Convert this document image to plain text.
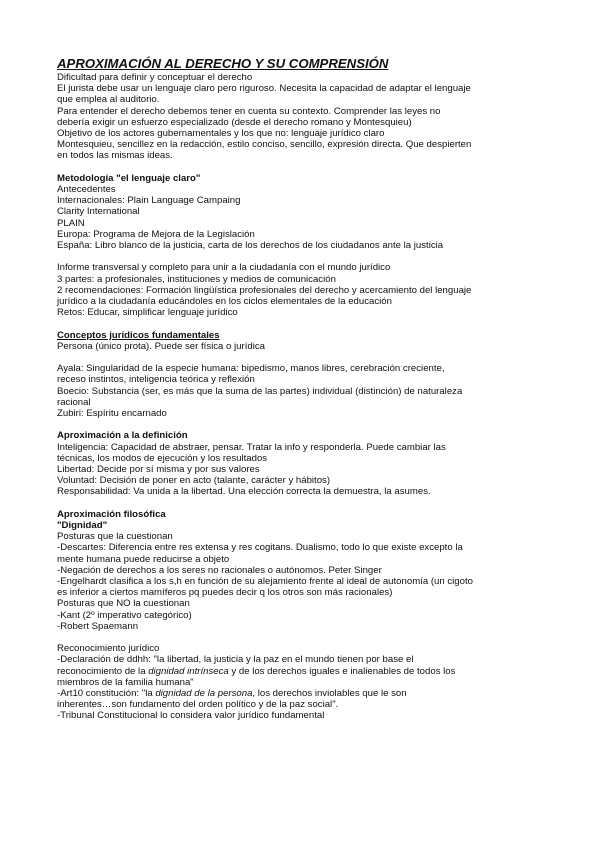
APROXIMACIÓN AL DERECHO Y SU COMPRENSIÓN

Dificultad para definir y conceptuar el derecho

El jurista debe usar un lenguaje claro pero riguroso. Necesita la capacidad de adaptar el lenguaje

que emplea al auditorio.

Para entender el derecho debemos tener en cuenta su contexto. Comprender las leyes no

debería exigir un esfuerzo especializado (desde el derecho romano y Montesquieu)

Objetivo de los actores gubernamentales y los que no: lenguaje jurídico claro

Montesquieu, sencillez en la redacción, estilo conciso, sencillo, expresión directa. Que despierten

en todos las mismas ideas.

Metodología "el lenguaje claro"

Antecedentes

Internacionales: Plain Language Campaing

Clarity International

PLAIN

Europa: Programa de Mejora de la Legislación

España: Libro blanco de la justicia, carta de los derechos de los ciudadanos ante la justicia

Informe transversal y completo para unir a la ciudadanía con el mundo jurídico

3 partes: a profesionales, instituciones y medios de comunicación

2 recomendaciones: Formación lingüística profesionales del derecho y acercamiento del lenguaje

jurídico a la ciudadanía educándoles en los ciclos elementales de la educación

Retos: Educar, simplificar lenguaje jurídico

Conceptos jurídicos fundamentales

Persona (único prota). Puede ser física o jurídica

Ayala: Singularidad de la especie humana: bipedismo, manos libres, cerebración creciente,

receso instintos, inteligencia teórica y reflexión

Boecio: Substancia (ser, es más que la suma de las partes) individual (distinción) de naturaleza

racional

Zubiri: Espíritu encarnado

Aproximación a la definición

Inteligencia: Capacidad de abstraer, pensar. Tratar la info y responderla. Puede cambiar las

técnicas, los modos de ejecución y los resultados

Libertad: Decide por sí misma y por sus valores

Voluntad: Decisión de poner en acto (talante, carácter y hábitos)

Responsabilidad: Va unida a la libertad. Una elección correcta la demuestra, la asumes.

Aproximación filosófica

"Dignidad"

Posturas que la cuestionan

-Descartes: Diferencia entre res extensa y res cogitans. Dualismo, todo lo que existe excepto la

mente humana puede reducirse a objeto

-Negación de derechos a los seres no racionales o autónomos. Peter Singer

-Engelhardt clasifica a los s,h en función de su alejamiento frente al ideal de autonomía (un cigoto

es inferior a ciertos mamíferos pq puedes decir q los otros son más racionales)

Posturas que NO la cuestionan

-Kant (2º imperativo categórico)

-Robert Spaemann

Reconocimiento jurídico

-Declaración de ddhh: "la libertad, la justicia y la paz en el mundo tienen por base el

reconocimiento de la dignidad intrínseca y de los derechos iguales e inalienables de todos los

miembros de la familia humana"

-Art10 constitución: "la dignidad de la persona, los derechos inviolables que le son

inherentes…son fundamento del orden político y de la paz social".

-Tribunal Constitucional lo considera valor jurídico fundamental
